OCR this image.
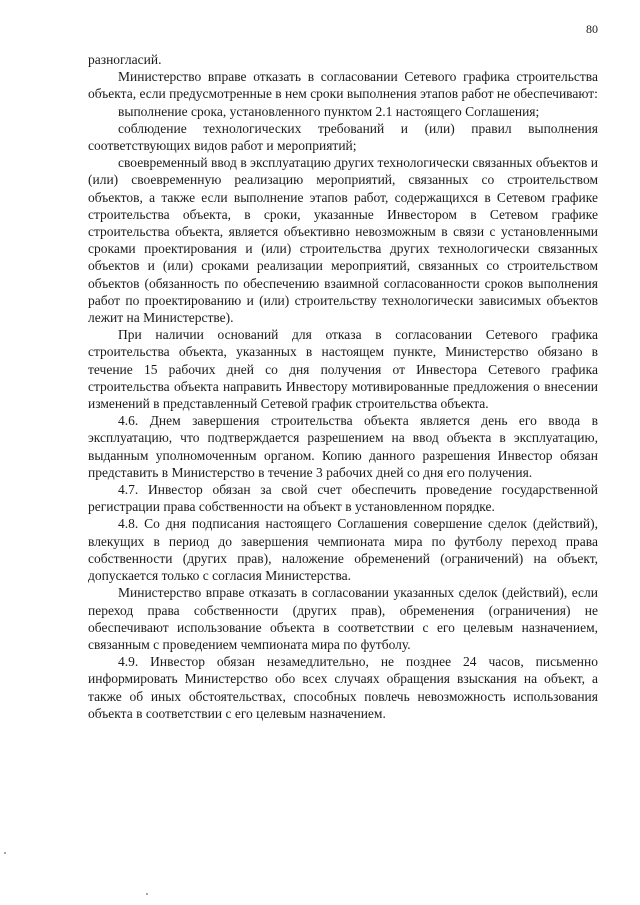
80

разногласий.

Министерство вправе отказать в согласовании Сетевого графика строительства объекта, если предусмотренные в нем сроки выполнения этапов работ не обеспечивают:

выполнение срока, установленного пунктом 2.1 настоящего Соглашения;

соблюдение технологических требований и (или) правил выполнения соответствующих видов работ и мероприятий;

своевременный ввод в эксплуатацию других технологически связанных объектов и (или) своевременную реализацию мероприятий, связанных со строительством объектов, а также если выполнение этапов работ, содержащихся в Сетевом графике строительства объекта, в сроки, указанные Инвестором в Сетевом графике строительства объекта, является объективно невозможным в связи с установленными сроками проектирования и (или) строительства других технологически связанных объектов и (или) сроками реализации мероприятий, связанных со строительством объектов (обязанность по обеспечению взаимной согласованности сроков выполнения работ по проектированию и (или) строительству технологически зависимых объектов лежит на Министерстве).

При наличии оснований для отказа в согласовании Сетевого графика строительства объекта, указанных в настоящем пункте, Министерство обязано в течение 15 рабочих дней со дня получения от Инвестора Сетевого графика строительства объекта направить Инвестору мотивированные предложения о внесении изменений в представленный Сетевой график строительства объекта.

4.6. Днем завершения строительства объекта является день его ввода в эксплуатацию, что подтверждается разрешением на ввод объекта в эксплуатацию, выданным уполномоченным органом. Копию данного разрешения Инвестор обязан представить в Министерство в течение 3 рабочих дней со дня его получения.

4.7. Инвестор обязан за свой счет обеспечить проведение государственной регистрации права собственности на объект в установленном порядке.

4.8. Со дня подписания настоящего Соглашения совершение сделок (действий), влекущих в период до завершения чемпионата мира по футболу переход права собственности (других прав), наложение обременений (ограничений) на объект, допускается только с согласия Министерства.

Министерство вправе отказать в согласовании указанных сделок (действий), если переход права собственности (других прав), обременения (ограничения) не обеспечивают использование объекта в соответствии с его целевым назначением, связанным с проведением чемпионата мира по футболу.

4.9. Инвестор обязан незамедлительно, не позднее 24 часов, письменно информировать Министерство обо всех случаях обращения взыскания на объект, а также об иных обстоятельствах, способных повлечь невозможность использования объекта в соответствии с его целевым назначением.
